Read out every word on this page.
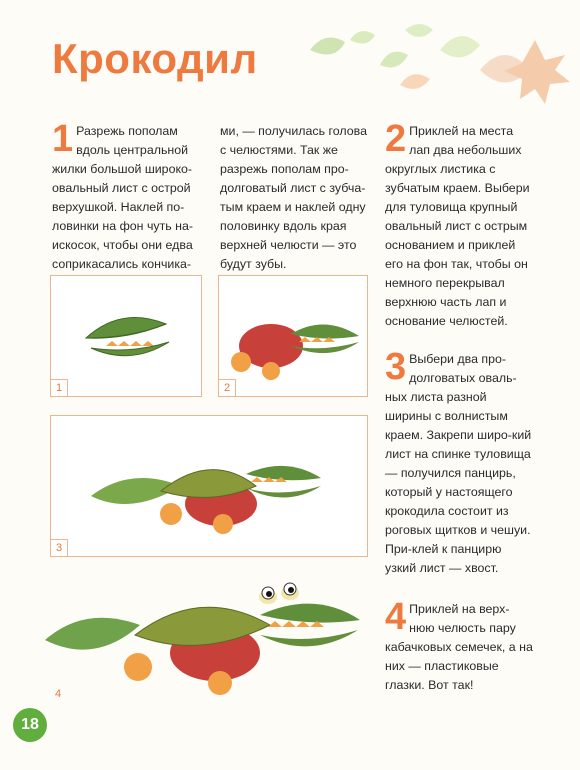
Крокодил
1 Разрежь пополам вдоль центральной жилки большой широко-овальный лист с острой верхушкой. Наклей по-ловинки на фон чуть на-искосок, чтобы они едва соприкасались кончика-
ми, — получилась голова с челюстями. Так же разрежь пополам про-долговатый лист с зубча-тым краем и наклей одну половинку вдоль края верхней челюсти — это будут зубы.
2 Приклей на места лап два небольших округлых листика с зубчатым краем. Выбери для туловища крупный овальный лист с острым основанием и приклей его на фон так, чтобы он немного перекрывал верхнюю часть лап и основание челюстей.
3 Выбери два про-долговатых оваль-ных листа разной ширины с волнистым краем. Закрепи широ-кий лист на спинке туловища — получился панцирь, который у настоящего крокодила состоит из роговых щитков и чешуи. При-клей к панцирю узкий лист — хвост.
4 Приклей на верх-нюю челюсть пару кабачковых семечек, а на них — пластиковые глазки. Вот так!
1	2
3
4
18
